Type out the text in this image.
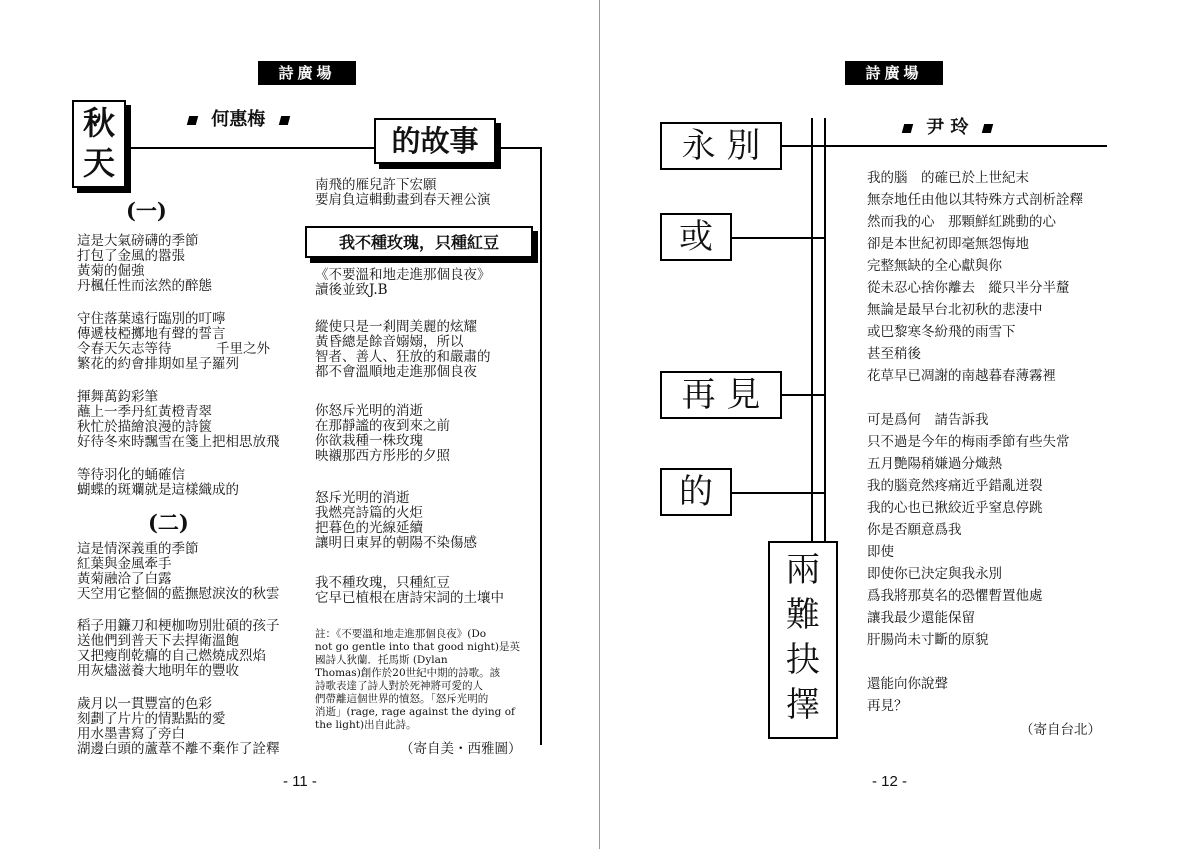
詩廣場
秋
天
何惠梅
的故事
(一)
這是大氣磅礴的季節
打包了金風的嚣張
黃菊的倔強
丹楓任性而泫然的醉態
守住落葉遠行臨別的叮嚀
傳遞枝椏擲地有聲的誓言
令春天矢志等待	千里之外
繁花的約會排期如星子羅列
揮舞萬鈞彩筆
蘸上一季丹紅黃橙青翠
秋忙於描繪浪漫的詩篋
好待冬來時飄雪在箋上把相思放飛
等待羽化的蛹確信
蝴蝶的斑斕就是這樣織成的
(二)
這是情深義重的季節
紅葉與金風牽手
黃菊融洽了白露
天空用它整個的藍撫慰淚汝的秋雲
稻子用鐮刀和梗枷吻別壯碩的孩子
送他們到普天下去捍衛溫飽
又把瘦削乾癟的自己燃燒成烈焰
用灰燼滋養大地明年的豐收
歲月以一貫豐富的色彩
刻劃了片片的情點點的愛
用水墨書寫了旁白
湖邊白頭的蘆葦不離不棄作了詮釋
南飛的雁兒許下宏願
要肩負這輯動畫到春天裡公演
我不種玫瑰，只種紅豆
《不要溫和地走進那個良夜》
讀後並致J.B
縱使只是一剎間美麗的炫耀
黃昏總是餘音嫋嫋，所以
智者、善人、狂放的和嚴肅的
都不會溫順地走進那個良夜
你怒斥光明的消逝
在那靜謐的夜到來之前
你欲栽種一株玫瑰
映襯那西方彤彤的夕照
怒斥光明的消逝
我燃亮詩篇的火炬
把暮色的光線延續
讓明日東昇的朝陽不染傷感
我不種玫瑰，只種紅豆
它早已植根在唐詩宋詞的土壤中
註：《不要溫和地走進那個良夜》(Do
not go gentle into that good night)是英
國詩人狄蘭．托馬斯 (Dylan
Thomas)創作於20世紀中期的詩歌。該
詩歌表達了詩人對於死神將可愛的人
們帶離這個世界的憤怒。「怒斥光明的
消逝」(rage, rage against the dying of
the light)出自此詩。
（寄自美・西雅圖）
- 11 -
詩廣場
尹 玲
永 別
或
再 見
的
兩
難
抉
擇
我的腦　的確已於上世紀末
無奈地任由他以其特殊方式剖析詮釋
然而我的心　那顆鮮紅跳動的心
卻是本世紀初即毫無怨悔地
完整無缺的全心獻與你
從未忍心捨你離去　縱只半分半釐
無論是最早台北初秋的悲淒中
或巴黎寒冬紛飛的雨雪下
甚至稍後
花草早已凋謝的南越暮春薄霧裡
可是爲何　請告訴我
只不過是今年的梅雨季節有些失常
五月艷陽稍嫌過分熾熱
我的腦竟然疼痛近乎錯亂迸裂
我的心也已揪絞近乎窒息停跳
你是否願意爲我
即使
即使你已決定與我永別
爲我將那莫名的恐懼暫置他處
讓我最少還能保留
肝腸尚未寸斷的原貌
還能向你說聲
再見？
（寄自台北）
- 12 -
